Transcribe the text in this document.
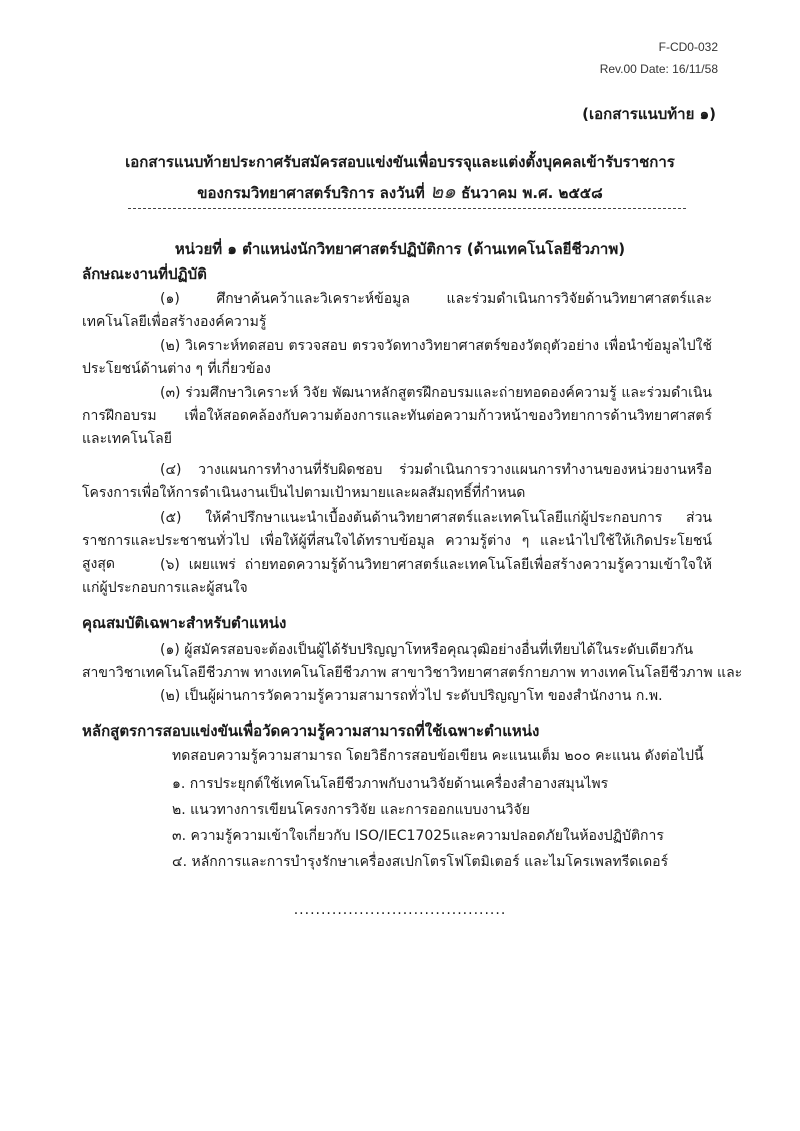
F-CD0-032
Rev.00 Date: 16/11/58
(เอกสารแนบท้าย ๑)
เอกสารแนบท้ายประกาศรับสมัครสอบแข่งขันเพื่อบรรจุและแต่งตั้งบุคคลเข้ารับราชการ
ของกรมวิทยาศาสตร์บริการ ลงวันที่ ๒๑ ธันวาคม พ.ศ. ๒๕๕๘
หน่วยที่ ๑ ตำแหน่งนักวิทยาศาสตร์ปฏิบัติการ (ด้านเทคโนโลยีชีวภาพ)
ลักษณะงานที่ปฏิบัติ
(๑) ศึกษาค้นคว้าและวิเคราะห์ข้อมูล และร่วมดำเนินการวิจัยด้านวิทยาศาสตร์และเทคโนโลยีเพื่อสร้างองค์ความรู้
(๒) วิเคราะห์ทดสอบ ตรวจสอบ ตรวจวัดทางวิทยาศาสตร์ของวัตถุตัวอย่าง เพื่อนำข้อมูลไปใช้ประโยชน์ด้านต่าง ๆ ที่เกี่ยวข้อง
(๓) ร่วมศึกษาวิเคราะห์ วิจัย พัฒนาหลักสูตรฝึกอบรมและถ่ายทอดองค์ความรู้ และร่วมดำเนินการฝึกอบรม เพื่อให้สอดคล้องกับความต้องการและทันต่อความก้าวหน้าของวิทยาการด้านวิทยาศาสตร์และเทคโนโลยี
(๔) วางแผนการทำงานที่รับผิดชอบ ร่วมดำเนินการวางแผนการทำงานของหน่วยงานหรือโครงการเพื่อให้การดำเนินงานเป็นไปตามเป้าหมายและผลสัมฤทธิ์ที่กำหนด
(๕) ให้คำปรึกษาแนะนำเบื้องต้นด้านวิทยาศาสตร์และเทคโนโลยีแก่ผู้ประกอบการ ส่วนราชการและประชาชนทั่วไป เพื่อให้ผู้ที่สนใจได้ทราบข้อมูล ความรู้ต่าง ๆ และนำไปใช้ให้เกิดประโยชน์สูงสุด	(๖) เผยแพร่ ถ่ายทอดความรู้ด้านวิทยาศาสตร์และเทคโนโลยีเพื่อสร้างความรู้ความเข้าใจให้แก่ผู้ประกอบการและผู้สนใจ
คุณสมบัติเฉพาะสำหรับตำแหน่ง
(๑) ผู้สมัครสอบจะต้องเป็นผู้ได้รับปริญญาโทหรือคุณวุฒิอย่างอื่นที่เทียบได้ในระดับเดียวกัน
สาขาวิชาเทคโนโลยีชีวภาพ ทางเทคโนโลยีชีวภาพ สาขาวิชาวิทยาศาสตร์กายภาพ ทางเทคโนโลยีชีวภาพ และ
(๒) เป็นผู้ผ่านการวัดความรู้ความสามารถทั่วไป ระดับปริญญาโท ของสำนักงาน ก.พ.
หลักสูตรการสอบแข่งขันเพื่อวัดความรู้ความสามารถที่ใช้เฉพาะตำแหน่ง
ทดสอบความรู้ความสามารถ โดยวิธีการสอบข้อเขียน คะแนนเต็ม ๒๐๐ คะแนน ดังต่อไปนี้
๑. การประยุกต์ใช้เทคโนโลยีชีวภาพกับงานวิจัยด้านเครื่องสำอางสมุนไพร
๒. แนวทางการเขียนโครงการวิจัย และการออกแบบงานวิจัย
๓. ความรู้ความเข้าใจเกี่ยวกับ ISO/IEC17025และความปลอดภัยในห้องปฏิบัติการ
๔. หลักการและการบำรุงรักษาเครื่องสเปกโตรโฟโตมิเตอร์ และไมโครเพลทรีดเดอร์
.......................................
